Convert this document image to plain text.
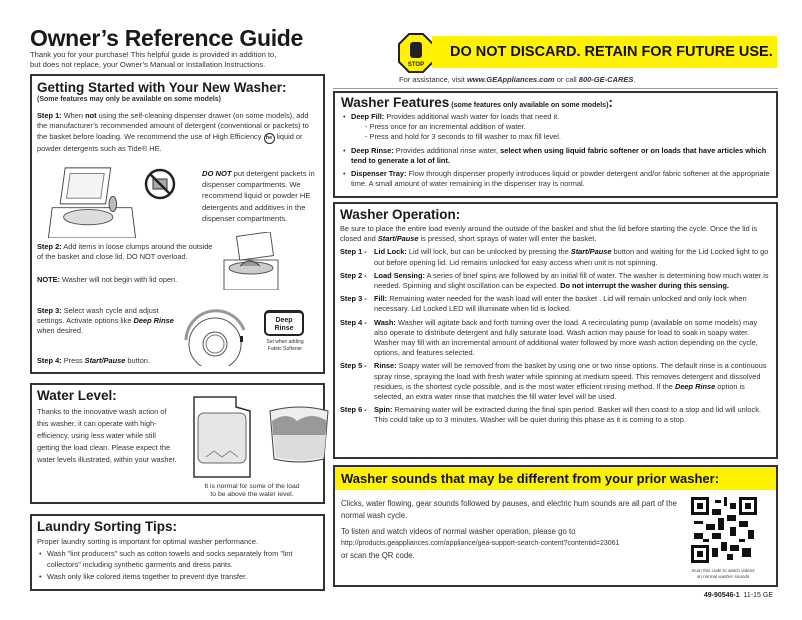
Owner’s Reference Guide
Thank you for your purchase! This helpful guide is provided in addition to,
but does not replace, your Owner’s Manual or Installation Instructions.	STOP
DO NOT DISCARD. RETAIN FOR FUTURE USE.
For assistance, visit www.GEAppliances.com or call 800-GE-CARES.
Getting Started with Your New Washer:
(Some features may only be available on some models)
Step 1: When not using the self-cleaning dispenser drawer (on some models), add the manufacturer’s recommended amount of detergent (conventional or packets) to the basket before loading. We recommend the use of High Efficiency he liquid or powder detergents such as Tide® HE.
DO NOT put detergent packets in dispenser compartments. We recommend liquid or powder HE detergents and additives in the dispenser compartments.
Step 2: Add items in loose clumps around the outside of the basket and close lid. DO NOT overload.
NOTE: Washer will not begin with lid open.
Step 3: Select wash cycle and adjust settings. Activate options like Deep Rinse when desired.
Deep
Rinse
Set when adding
Fabric Softener
Step 4: Press Start/Pause button.
Water Level:
Thanks to the innovative wash action of this washer, it can operate with high-efficiency, using less water while still getting the load clean. Please expect the water levels illustrated, within your washer.
It is normal for some of the load
to be above the water level.
Laundry Sorting Tips:
Proper laundry sorting is important for optimal washer performance.
• Wash "lint producers" such as cotton towels and socks separately from "lint collectors" including synthetic garments and dress pants.
• Wash only like colored items together to prevent dye transfer.
Washer Features (some features only available on some models):
• Deep Fill: Provides additional wash water for loads that need it.
- Press once for an incremental addition of water.
- Press and hold for 3 seconds to fill washer to max fill level.
• Deep Rinse: Provides additional rinse water, select when using liquid fabric softener or on loads that have articles which tend to generate a lot of lint.
• Dispenser Tray: Flow through dispenser properly introduces liquid or powder detergent and/or fabric softener at the appropriate time. A small amount of water remaining in the dispenser tray is normal.
Washer Operation:
Be sure to place the entire load evenly around the outside of the basket and shut the lid before starting the cycle. Once the lid is closed and Start/Pause is pressed, short sprays of water will enter the basket.
Step 1 - Lid Lock: Lid will lock, but can be unlocked by pressing the Start/Pause button and waiting for the Lid Locked light to go out before opening lid. Lid remains unlocked for easy access when unit is not spinning.
Step 2 - Load Sensing: A series of brief spins are followed by an initial fill of water. The washer is determining how much water is needed. Spinning and slight oscillation can be expected. Do not interrupt the washer during this sensing.
Step 3 - Fill: Remaining water needed for the wash load will enter the basket . Lid will remain unlocked and only lock when necessary. Lid Locked LED will illuminate when lid is locked.
Step 4 - Wash: Washer will agitate back and forth turning over the load. A recirculating pump (available on some models) may also operate to distribute detergent and fully saturate load. Wash action may pause for load to soak in soapy water. Washer may fill with an incremental amount of additional water followed by more wash action depending on the cycle, options, and features selected.
Step 5 - Rinse: Soapy water will be removed from the basket by using one or two rinse options. The default rinse is a continuous spray rinse, spraying the load with fresh water while spinning at medium speed. This removes detergent and dissolved residues, is the shortest cycle possible, and is the most water efficient rinsing method. If the Deep Rinse option is selected, an extra water rinse that matches the fill water level will be used.
Step 6 - Spin: Remaining water will be extracted during the final spin period. Basket will then coast to a stop and lid will unlock. This could take up to 3 minutes. Washer will be quiet during this phase as it is coming to a stop.
Washer sounds that may be different from your prior washer:
Clicks, water flowing, gear sounds followed by pauses, and electric hum sounds are all part of the normal wash cycle.
To listen and watch videos of normal washer operation, please go to
http://products.geappliances.com/appliance/gea-support-search-content?contentid=23061
or scan the QR code.
Scan this code to watch videos
on normal washer sounds
49-90546-1 11-15 GE
